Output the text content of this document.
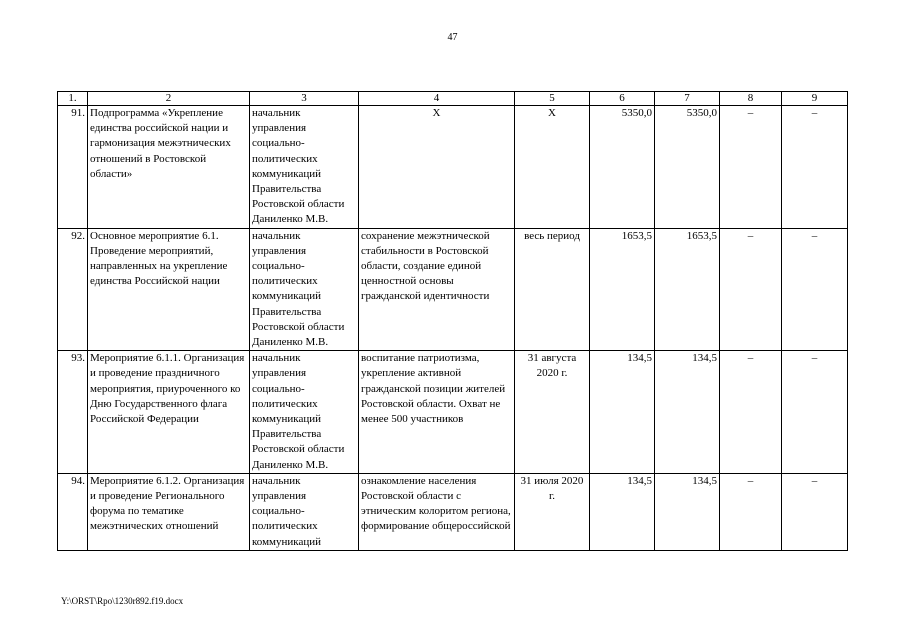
47
1.	2	3	4	5	6	7	8	9
91.	Подпрограмма «Укрепление единства российской нации и гармонизация межэтнических отношений в Ростовской области»	начальник управления социально-политических коммуникаций Правительства Ростовской области Даниленко М.В.	Х	Х	5350,0	5350,0	–	–
92.	Основное мероприятие 6.1. Проведение мероприятий, направленных на укрепление единства Российской нации	начальник управления социально-политических коммуникаций Правительства Ростовской области Даниленко М.В.	сохранение межэтнической стабильности в Ростовской области, создание единой ценностной основы гражданской идентичности	весь период	1653,5	1653,5	–	–
93.	Мероприятие 6.1.1. Организация и проведение праздничного мероприятия, приуроченного ко Дню Государственного флага Российской Федерации	начальник управления социально-политических коммуникаций Правительства Ростовской области Даниленко М.В.	воспитание патриотизма, укрепление активной гражданской позиции жителей Ростовской области. Охват не менее 500 участников	31 августа 2020 г.	134,5	134,5	–	–
94.	Мероприятие 6.1.2. Организация и проведение Регионального форума по тематике межэтнических отношений	начальник управления социально-политических коммуникаций	ознакомление населения Ростовской области с этническим колоритом региона, формирование общероссийской	31 июля 2020 г.	134,5	134,5	–	–
Y:\ORST\Rpo\1230r892.f19.docx
